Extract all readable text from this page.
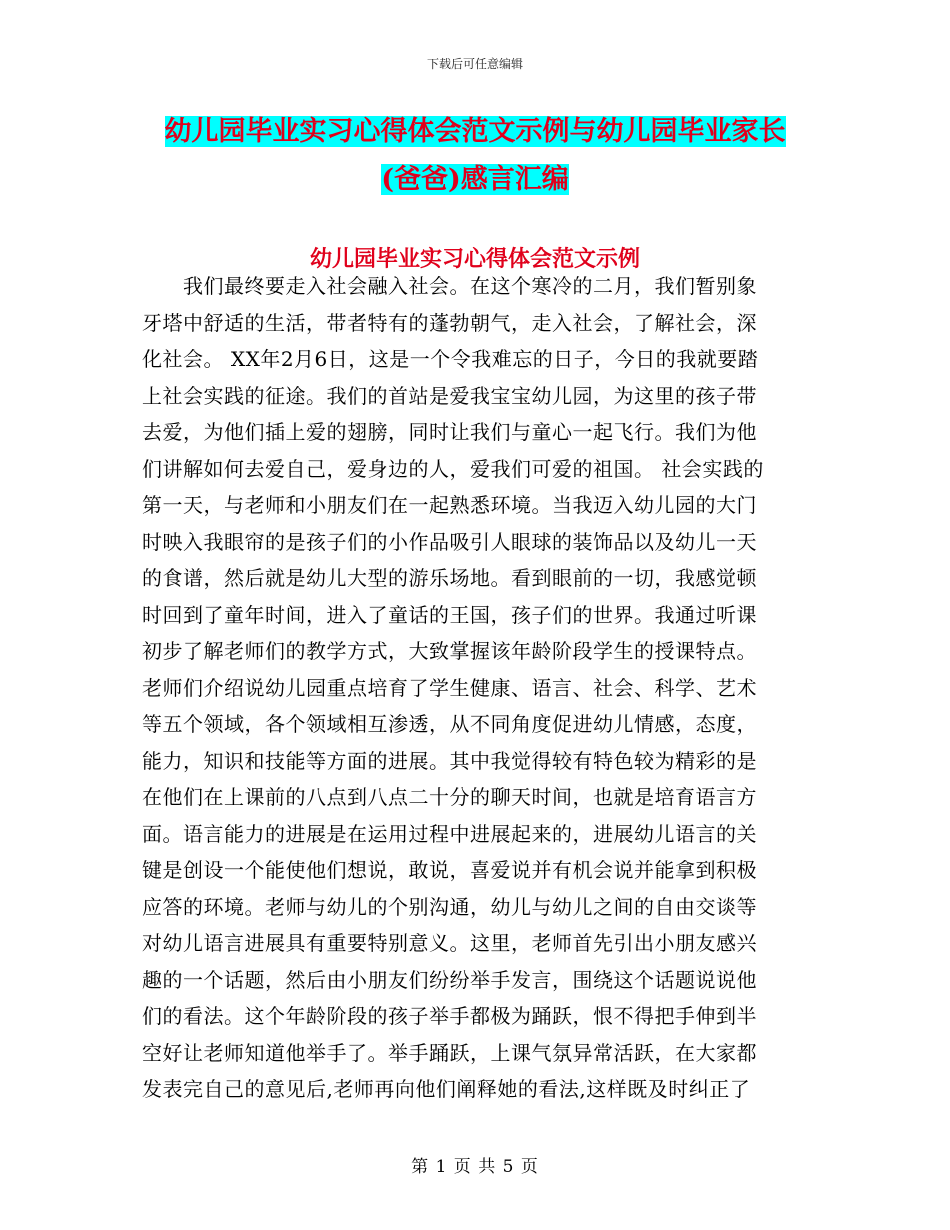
下载后可任意编辑
幼儿园毕业实习心得体会范文示例与幼儿园毕业家长
(爸爸)感言汇编
幼儿园毕业实习心得体会范文示例
　　我们最终要走入社会融入社会。在这个寒冷的二月，我们暂别象
牙塔中舒适的生活，带者特有的蓬勃朝气，走入社会，了解社会，深
化社会。 XX年2月6日，这是一个令我难忘的日子，今日的我就要踏
上社会实践的征途。我们的首站是爱我宝宝幼儿园，为这里的孩子带
去爱，为他们插上爱的翅膀，同时让我们与童心一起飞行。我们为他
们讲解如何去爱自己，爱身边的人，爱我们可爱的祖国。 社会实践的
第一天，与老师和小朋友们在一起熟悉环境。当我迈入幼儿园的大门
时映入我眼帘的是孩子们的小作品吸引人眼球的装饰品以及幼儿一天
的食谱，然后就是幼儿大型的游乐场地。看到眼前的一切，我感觉顿
时回到了童年时间，进入了童话的王国，孩子们的世界。我通过听课
初步了解老师们的教学方式，大致掌握该年龄阶段学生的授课特点。
老师们介绍说幼儿园重点培育了学生健康、语言、社会、科学、艺术
等五个领域，各个领域相互渗透，从不同角度促进幼儿情感，态度，
能力，知识和技能等方面的进展。其中我觉得较有特色较为精彩的是
在他们在上课前的八点到八点二十分的聊天时间，也就是培育语言方
面。语言能力的进展是在运用过程中进展起来的，进展幼儿语言的关
键是创设一个能使他们想说，敢说，喜爱说并有机会说并能拿到积极
应答的环境。老师与幼儿的个别沟通，幼儿与幼儿之间的自由交谈等
对幼儿语言进展具有重要特别意义。这里，老师首先引出小朋友感兴
趣的一个话题，然后由小朋友们纷纷举手发言，围绕这个话题说说他
们的看法。这个年龄阶段的孩子举手都极为踊跃，恨不得把手伸到半
空好让老师知道他举手了。举手踊跃，上课气氛异常活跃，在大家都
发表完自己的意见后,老师再向他们阐释她的看法,这样既及时纠正了
第 1 页 共 5 页
